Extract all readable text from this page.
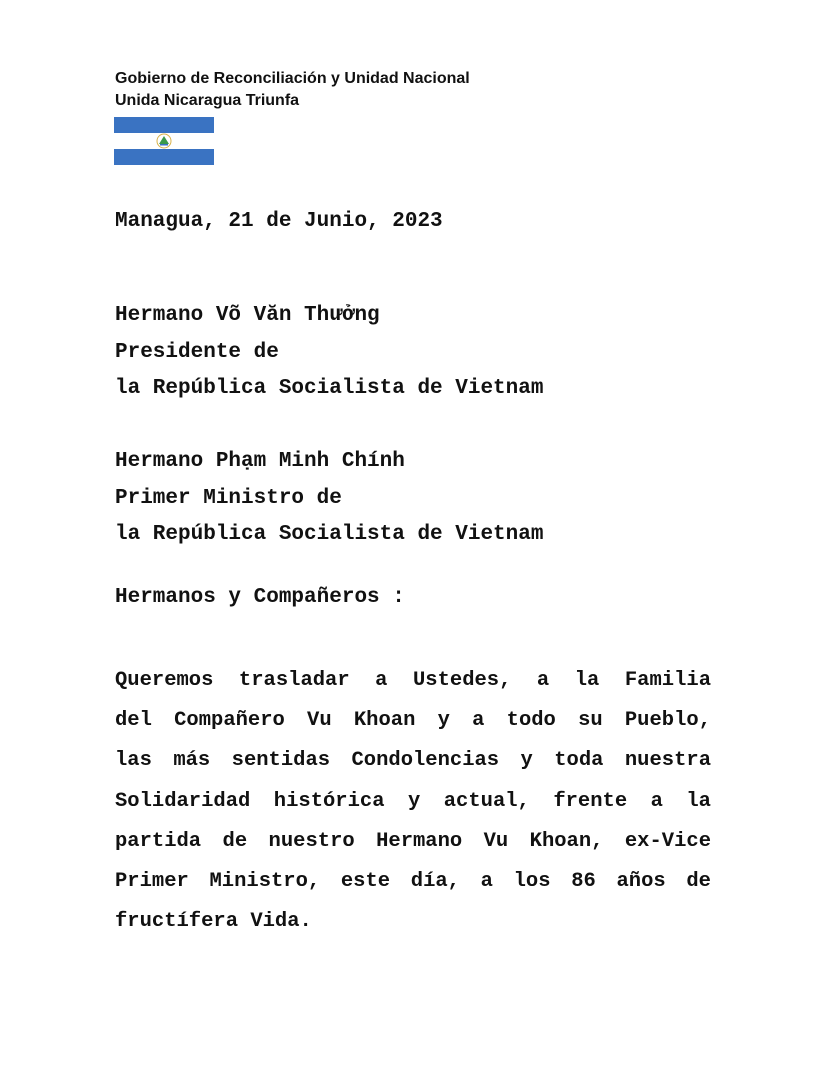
Gobierno de Reconciliación y Unidad Nacional
Unida Nicaragua Triunfa
Managua, 21 de Junio, 2023
Hermano Võ Văn Thưởng
Presidente de
la República Socialista de Vietnam
Hermano Phạm Minh Chính
Primer Ministro de
la República Socialista de Vietnam
Hermanos y Compañeros :
Queremos trasladar a Ustedes, a la Familia
del Compañero Vu Khoan y a todo su Pueblo,
las más sentidas Condolencias y toda nuestra
Solidaridad histórica y actual, frente a la
partida de nuestro Hermano Vu Khoan, ex-Vice
Primer Ministro, este día, a los 86 años de
fructífera Vida.
